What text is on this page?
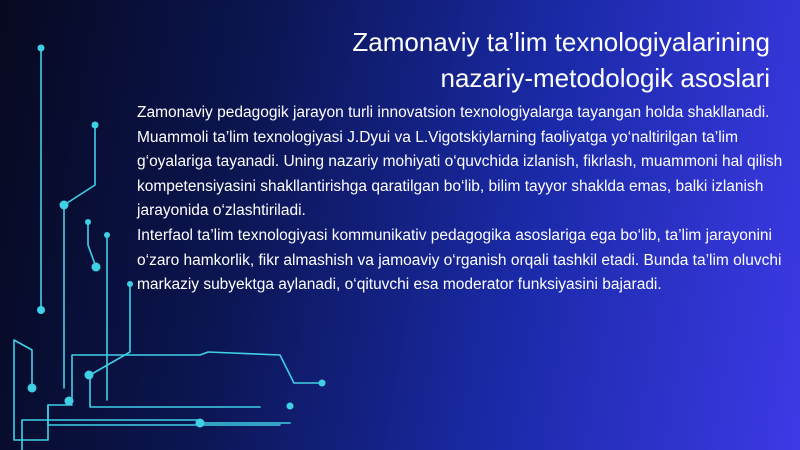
Zamonaviy ta’lim texnologiyalarining
nazariy-metodologik asoslari

Zamonaviy pedagogik jarayon turli innovatsion texnologiyalarga tayangan holda shakllanadi. Muammoli ta’lim texnologiyasi J.Dyui va L.Vigotskiylarning faoliyatga yo‘naltirilgan ta’lim g‘oyalariga tayanadi. Uning nazariy mohiyati o‘quvchida izlanish, fikrlash, muammoni hal qilish kompetensiyasini shakllantirishga qaratilgan bo‘lib, bilim tayyor shaklda emas, balki izlanish jarayonida o‘zlashtiriladi.

Interfaol ta’lim texnologiyasi kommunikativ pedagogika asoslariga ega bo‘lib, ta’lim jarayonini o‘zaro hamkorlik, fikr almashish va jamoaviy o‘rganish orqali tashkil etadi. Bunda ta’lim oluvchi markaziy subyektga aylanadi, o‘qituvchi esa moderator funksiyasini bajaradi.
